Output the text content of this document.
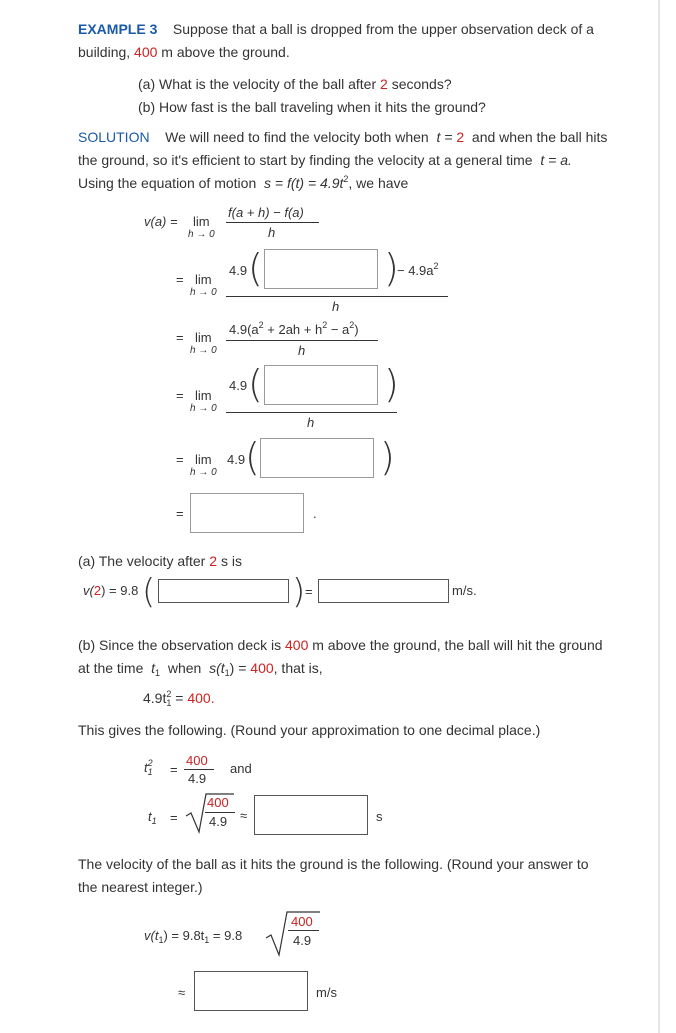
EXAMPLE 3 Suppose that a ball is dropped from the upper observation deck of a
building, 400 m above the ground.
(a) What is the velocity of the ball after 2 seconds?
(b) How fast is the ball traveling when it hits the ground?
SOLUTION We will need to find the velocity both when t = 2 and when the ball hits
the ground, so it's efficient to start by finding the velocity at a general time t = a.
Using the equation of motion $s = f(t) = 4.9t^2$, we have
v(a) =	lim
h → 0
f(a + h) − f(a)
h
= lim
h → 0
4.9 (	)
− $4.9a^2$
h
= lim
h → 0
$4.9(a^2 + 2ah + h^2 - a^2)$
h
= lim
h → 0
4.9 (	)
h
= lim
h → 0
4.9 (	)
=	.
(a) The velocity after 2 s is
v(2) = 9.8 (	) =	m/s.
(b) Since the observation deck is 400 m above the ground, the ball will hit the ground
at the time $t_1$ when $s(t_1) = 400$, that is,
$4.9t_1^2 = 400$.
This gives the following. (Round your approximation to one decimal place.)
$t_1^2$ =
400
4.9
and
$t_1$ =
400
4.9 ≈	s
The velocity of the ball as it hits the ground is the following. (Round your answer to
the nearest integer.)
$v(t_1) = 9.8t_1 = 9.8$
400
4.9
≈	m/s
